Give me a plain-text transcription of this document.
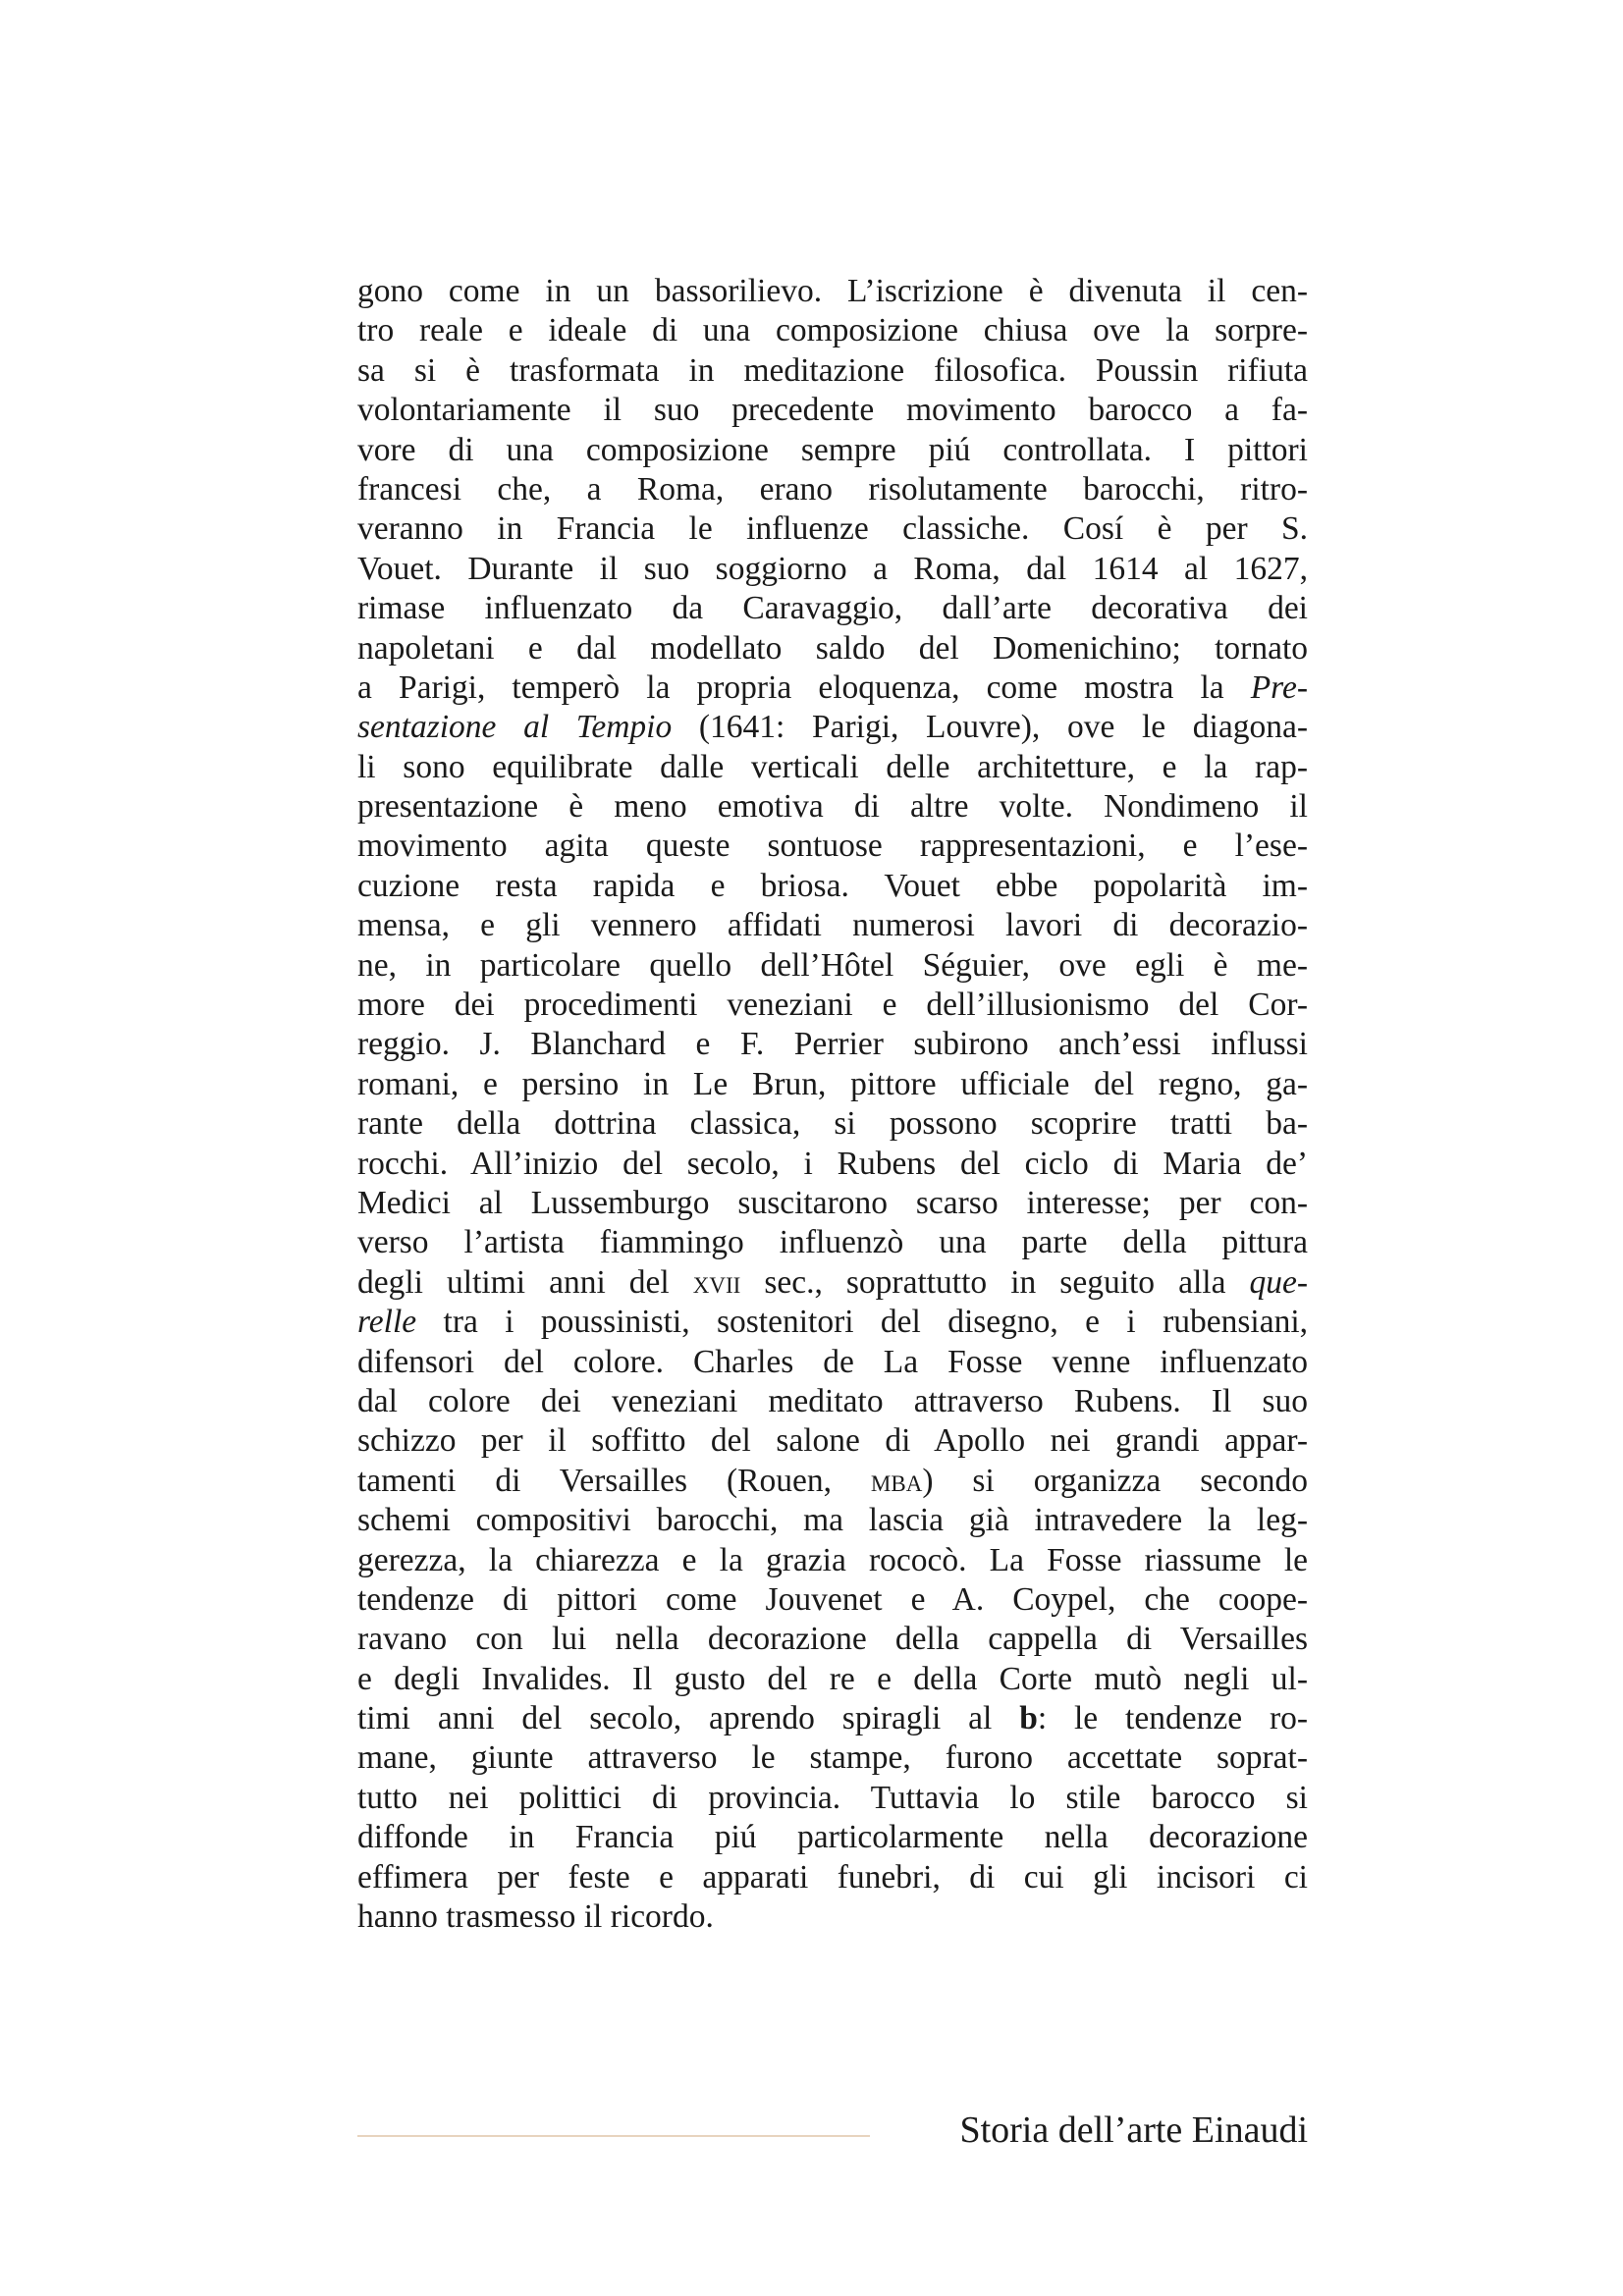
gono come in un bassorilievo. L’iscrizione è divenuta il cen-
tro reale e ideale di una composizione chiusa ove la sorpre-
sa si è trasformata in meditazione filosofica. Poussin rifiuta
volontariamente il suo precedente movimento barocco a fa-
vore di una composizione sempre piú controllata. I pittori
francesi che, a Roma, erano risolutamente barocchi, ritro-
veranno in Francia le influenze classiche. Cosí è per S.
Vouet. Durante il suo soggiorno a Roma, dal 1614 al 1627,
rimase influenzato da Caravaggio, dall’arte decorativa dei
napoletani e dal modellato saldo del Domenichino; tornato
a Parigi, temperò la propria eloquenza, come mostra la Pre-
sentazione al Tempio (1641: Parigi, Louvre), ove le diagona-
li sono equilibrate dalle verticali delle architetture, e la rap-
presentazione è meno emotiva di altre volte. Nondimeno il
movimento agita queste sontuose rappresentazioni, e l’ese-
cuzione resta rapida e briosa. Vouet ebbe popolarità im-
mensa, e gli vennero affidati numerosi lavori di decorazio-
ne, in particolare quello dell’Hôtel Séguier, ove egli è me-
more dei procedimenti veneziani e dell’illusionismo del Cor-
reggio. J. Blanchard e F. Perrier subirono anch’essi influssi
romani, e persino in Le Brun, pittore ufficiale del regno, ga-
rante della dottrina classica, si possono scoprire tratti ba-
rocchi. All’inizio del secolo, i Rubens del ciclo di Maria de’
Medici al Lussemburgo suscitarono scarso interesse; per con-
verso l’artista fiammingo influenzò una parte della pittura
degli ultimi anni del xvii sec., soprattutto in seguito alla que-
relle tra i poussinisti, sostenitori del disegno, e i rubensiani,
difensori del colore. Charles de La Fosse venne influenzato
dal colore dei veneziani meditato attraverso Rubens. Il suo
schizzo per il soffitto del salone di Apollo nei grandi appar-
tamenti di Versailles (Rouen, mba) si organizza secondo
schemi compositivi barocchi, ma lascia già intravedere la leg-
gerezza, la chiarezza e la grazia rococò. La Fosse riassume le
tendenze di pittori come Jouvenet e A. Coypel, che coope-
ravano con lui nella decorazione della cappella di Versailles
e degli Invalides. Il gusto del re e della Corte mutò negli ul-
timi anni del secolo, aprendo spiragli al b: le tendenze ro-
mane, giunte attraverso le stampe, furono accettate soprat-
tutto nei polittici di provincia. Tuttavia lo stile barocco si
diffonde in Francia piú particolarmente nella decorazione
effimera per feste e apparati funebri, di cui gli incisori ci
hanno trasmesso il ricordo.
Storia dell’arte Einaudi
